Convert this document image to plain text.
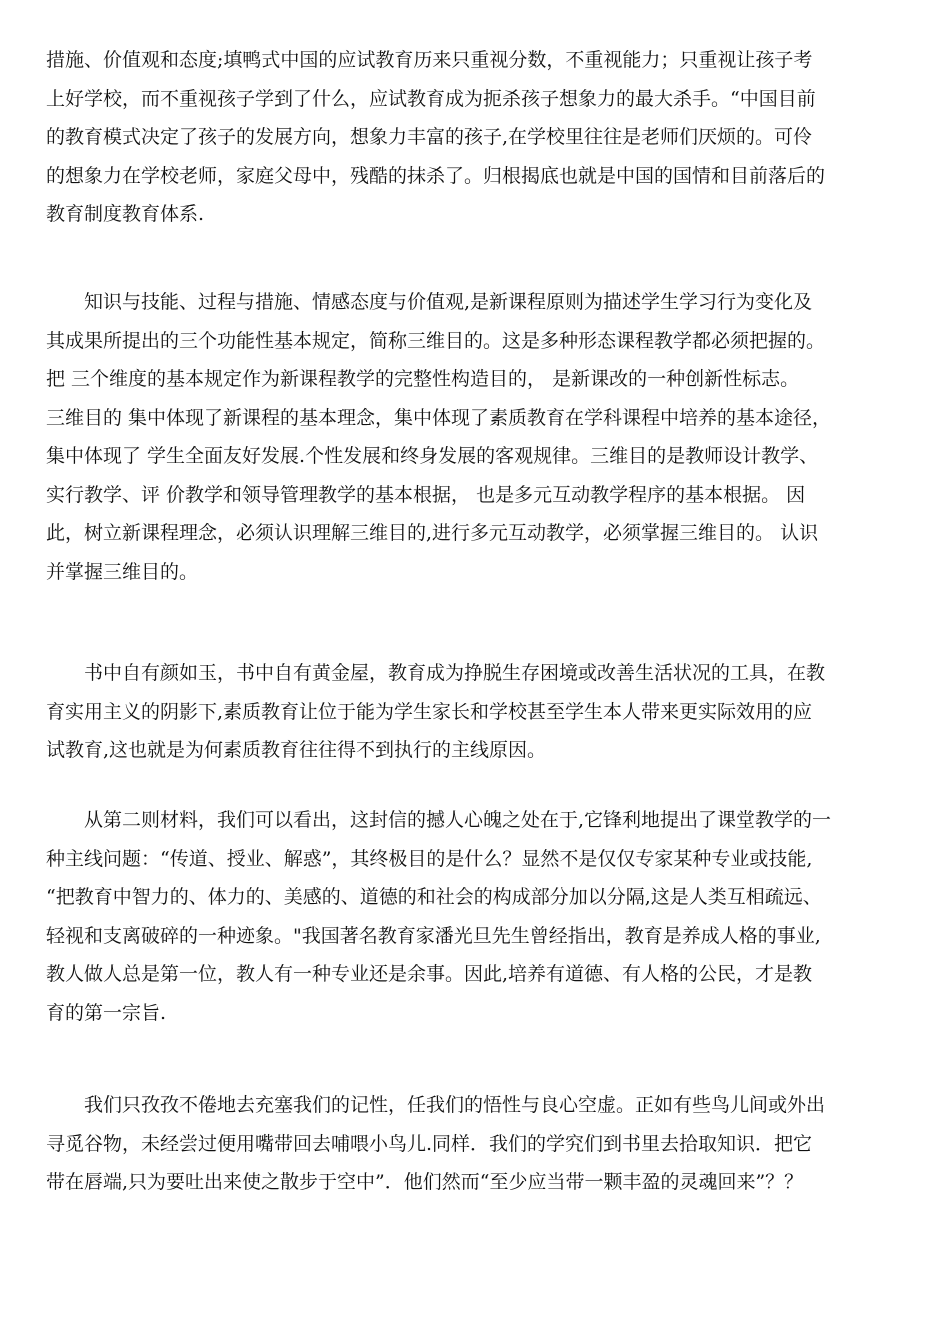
措施、价值观和态度;填鸭式中国的应试教育历来只重视分数，不重视能力；只重视让孩子考
上好学校，而不重视孩子学到了什么，应试教育成为扼杀孩子想象力的最大杀手。“中国目前
的教育模式决定了孩子的发展方向，想象力丰富的孩子,在学校里往往是老师们厌烦的。可伶
的想象力在学校老师，家庭父母中，残酷的抹杀了。归根揭底也就是中国的国情和目前落后的
教育制度教育体系.
知识与技能、过程与措施、情感态度与价值观,是新课程原则为描述学生学习行为变化及
其成果所提出的三个功能性基本规定，简称三维目的。这是多种形态课程教学都必须把握的。
把 三个维度的基本规定作为新课程教学的完整性构造目的， 是新课改的一种创新性标志。
三维目的 集中体现了新课程的基本理念，集中体现了素质教育在学科课程中培养的基本途径，
集中体现了 学生全面友好发展.个性发展和终身发展的客观规律。三维目的是教师设计教学、
实行教学、评 价教学和领导管理教学的基本根据， 也是多元互动教学程序的基本根据。 因
此，树立新课程理念，必须认识理解三维目的,进行多元互动教学，必须掌握三维目的。 认识
并掌握三维目的。
书中自有颜如玉，书中自有黄金屋，教育成为挣脱生存困境或改善生活状况的工具，在教
育实用主义的阴影下,素质教育让位于能为学生家长和学校甚至学生本人带来更实际效用的应
试教育,这也就是为何素质教育往往得不到执行的主线原因。
从第二则材料，我们可以看出，这封信的撼人心魄之处在于,它锋利地提出了课堂教学的一
种主线问题：“传道、授业、解惑”，其终极目的是什么？显然不是仅仅专家某种专业或技能,
“把教育中智力的、体力的、美感的、道德的和社会的构成部分加以分隔,这是人类互相疏远、
轻视和支离破碎的一种迹象。"我国著名教育家潘光旦先生曾经指出，教育是养成人格的事业,
教人做人总是第一位，教人有一种专业还是余事。因此,培养有道德、有人格的公民，才是教
育的第一宗旨.
我们只孜孜不倦地去充塞我们的记性，任我们的悟性与良心空虚。正如有些鸟儿间或外出
寻觅谷物，未经尝过便用嘴带回去哺喂小鸟儿.同样．我们的学究们到书里去拾取知识．把它
带在唇端,只为要吐出来使之散步于空中”．他们然而“至少应当带一颗丰盈的灵魂回来”？？
